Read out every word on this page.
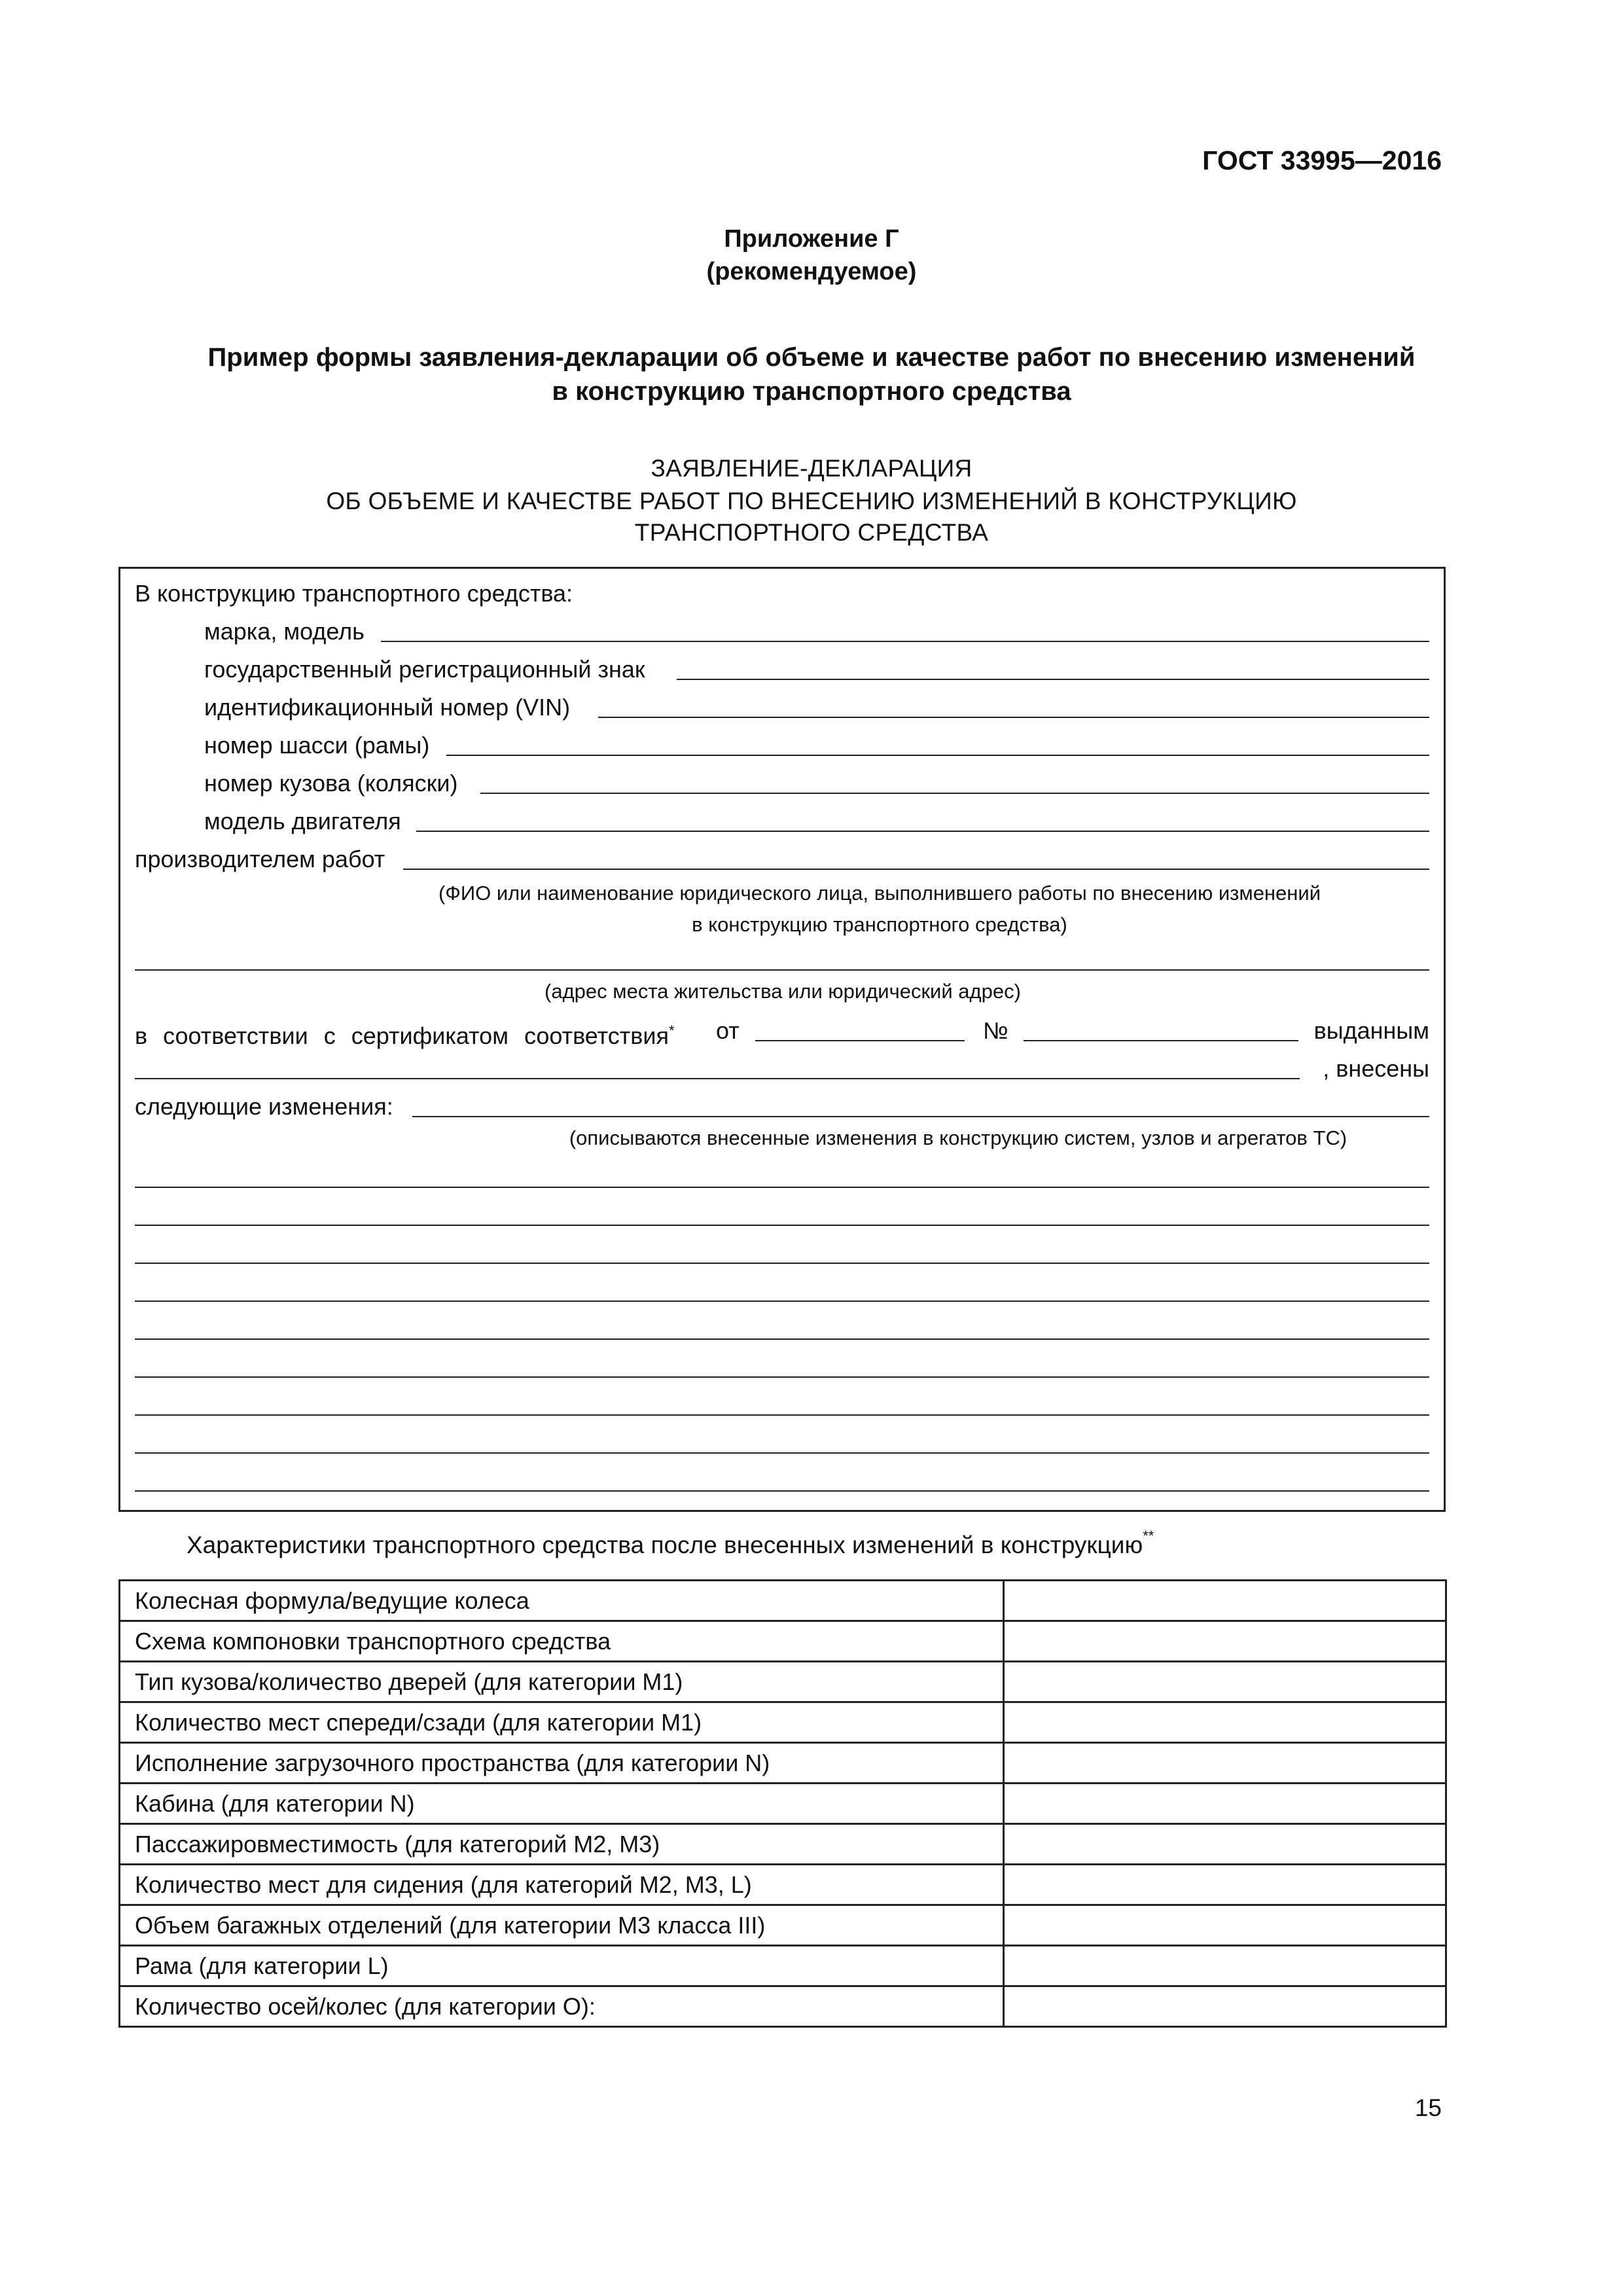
ГОСТ 33995—2016
Приложение Г
(рекомендуемое)
Пример формы заявления-декларации об объеме и качестве работ по внесению изменений
в конструкцию транспортного средства
ЗАЯВЛЕНИЕ-ДЕКЛАРАЦИЯ
ОБ ОБЪЕМЕ И КАЧЕСТВЕ РАБОТ ПО ВНЕСЕНИЮ ИЗМЕНЕНИЙ В КОНСТРУКЦИЮ
ТРАНСПОРТНОГО СРЕДСТВА
В конструкцию транспортного средства:
марка, модель
государственный регистрационный знак
идентификационный номер (VIN)
номер шасси (рамы)
номер кузова (коляски)
модель двигателя
производителем работ
(ФИО или наименование юридического лица, выполнившего работы по внесению изменений
в конструкцию транспортного средства)
(адрес места жительства или юридический адрес)
в соответствии с сертификатом соответствия* от	№	выданным
, внесены
следующие изменения:
(описываются внесенные изменения в конструкцию систем, узлов и агрегатов ТС)
Характеристики транспортного средства после внесенных изменений в конструкцию**
Колесная формула/ведущие колеса	
Схема компоновки транспортного средства	
Тип кузова/количество дверей (для категории М1)	
Количество мест спереди/сзади (для категории М1)	
Исполнение загрузочного пространства (для категории N)	
Кабина (для категории N)	
Пассажировместимость (для категорий М2, М3)	
Количество мест для сидения (для категорий М2, М3, L)	
Объем багажных отделений (для категории М3 класса III)	
Рама (для категории L)	
Количество осей/колес (для категории О):	
15
